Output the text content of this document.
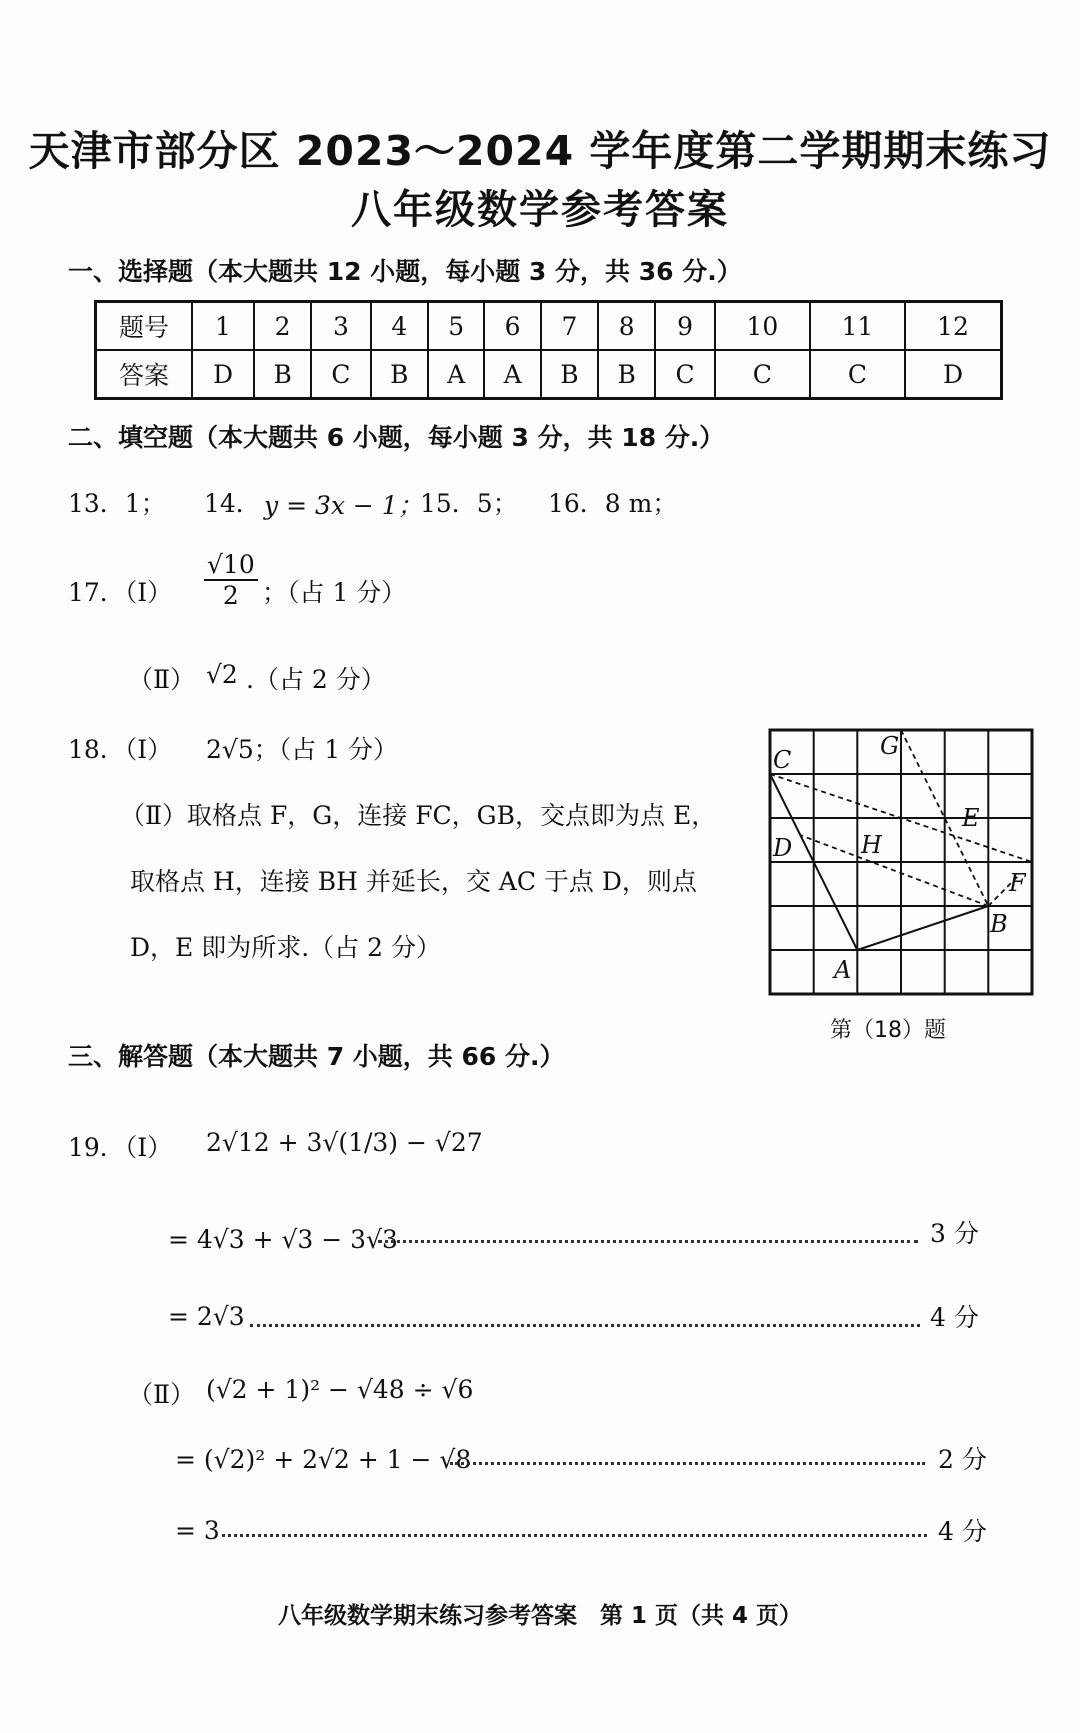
天津市部分区 2023～2024 学年度第二学期期末练习
八年级数学参考答案
一、选择题（本大题共 12 小题，每小题 3 分，共 36 分.）
题号	1	2	3	4	5	6	7	8	9	10	11	12
答案	D	B	C	B	A	A	B	B	C	C	C	D
二、填空题（本大题共 6 小题，每小题 3 分，共 18 分.）
13．1； 14． y = 3x − 1；
15．5； 16．8 m；
17．（Ⅰ） $\frac{√10}{2}$ ；（占 1 分）
（Ⅱ） √2 .（占 2 分）
18．（Ⅰ） 2√5；（占 1 分）
（Ⅱ）取格点 F，G，连接 FC，GB，交点即为点 E，
取格点 H，连接 BH 并延长，交 AC 于点 D，则点
D，E 即为所求.（占 2 分）
C	G
E
D	H
F
B
A
第（18）题
三、解答题（本大题共 7 小题，共 66 分.）
19．（Ⅰ） 2√12 + 3√(1/3) − √27
= 4√3 + √3 − 3√3	3 分
= 2√3	4 分
（Ⅱ） (√2 + 1)² − √48 ÷ √6
= (√2)² + 2√2 + 1 − √8	2 分
= 3	4 分
八年级数学期末练习参考答案　第 1 页（共 4 页）
